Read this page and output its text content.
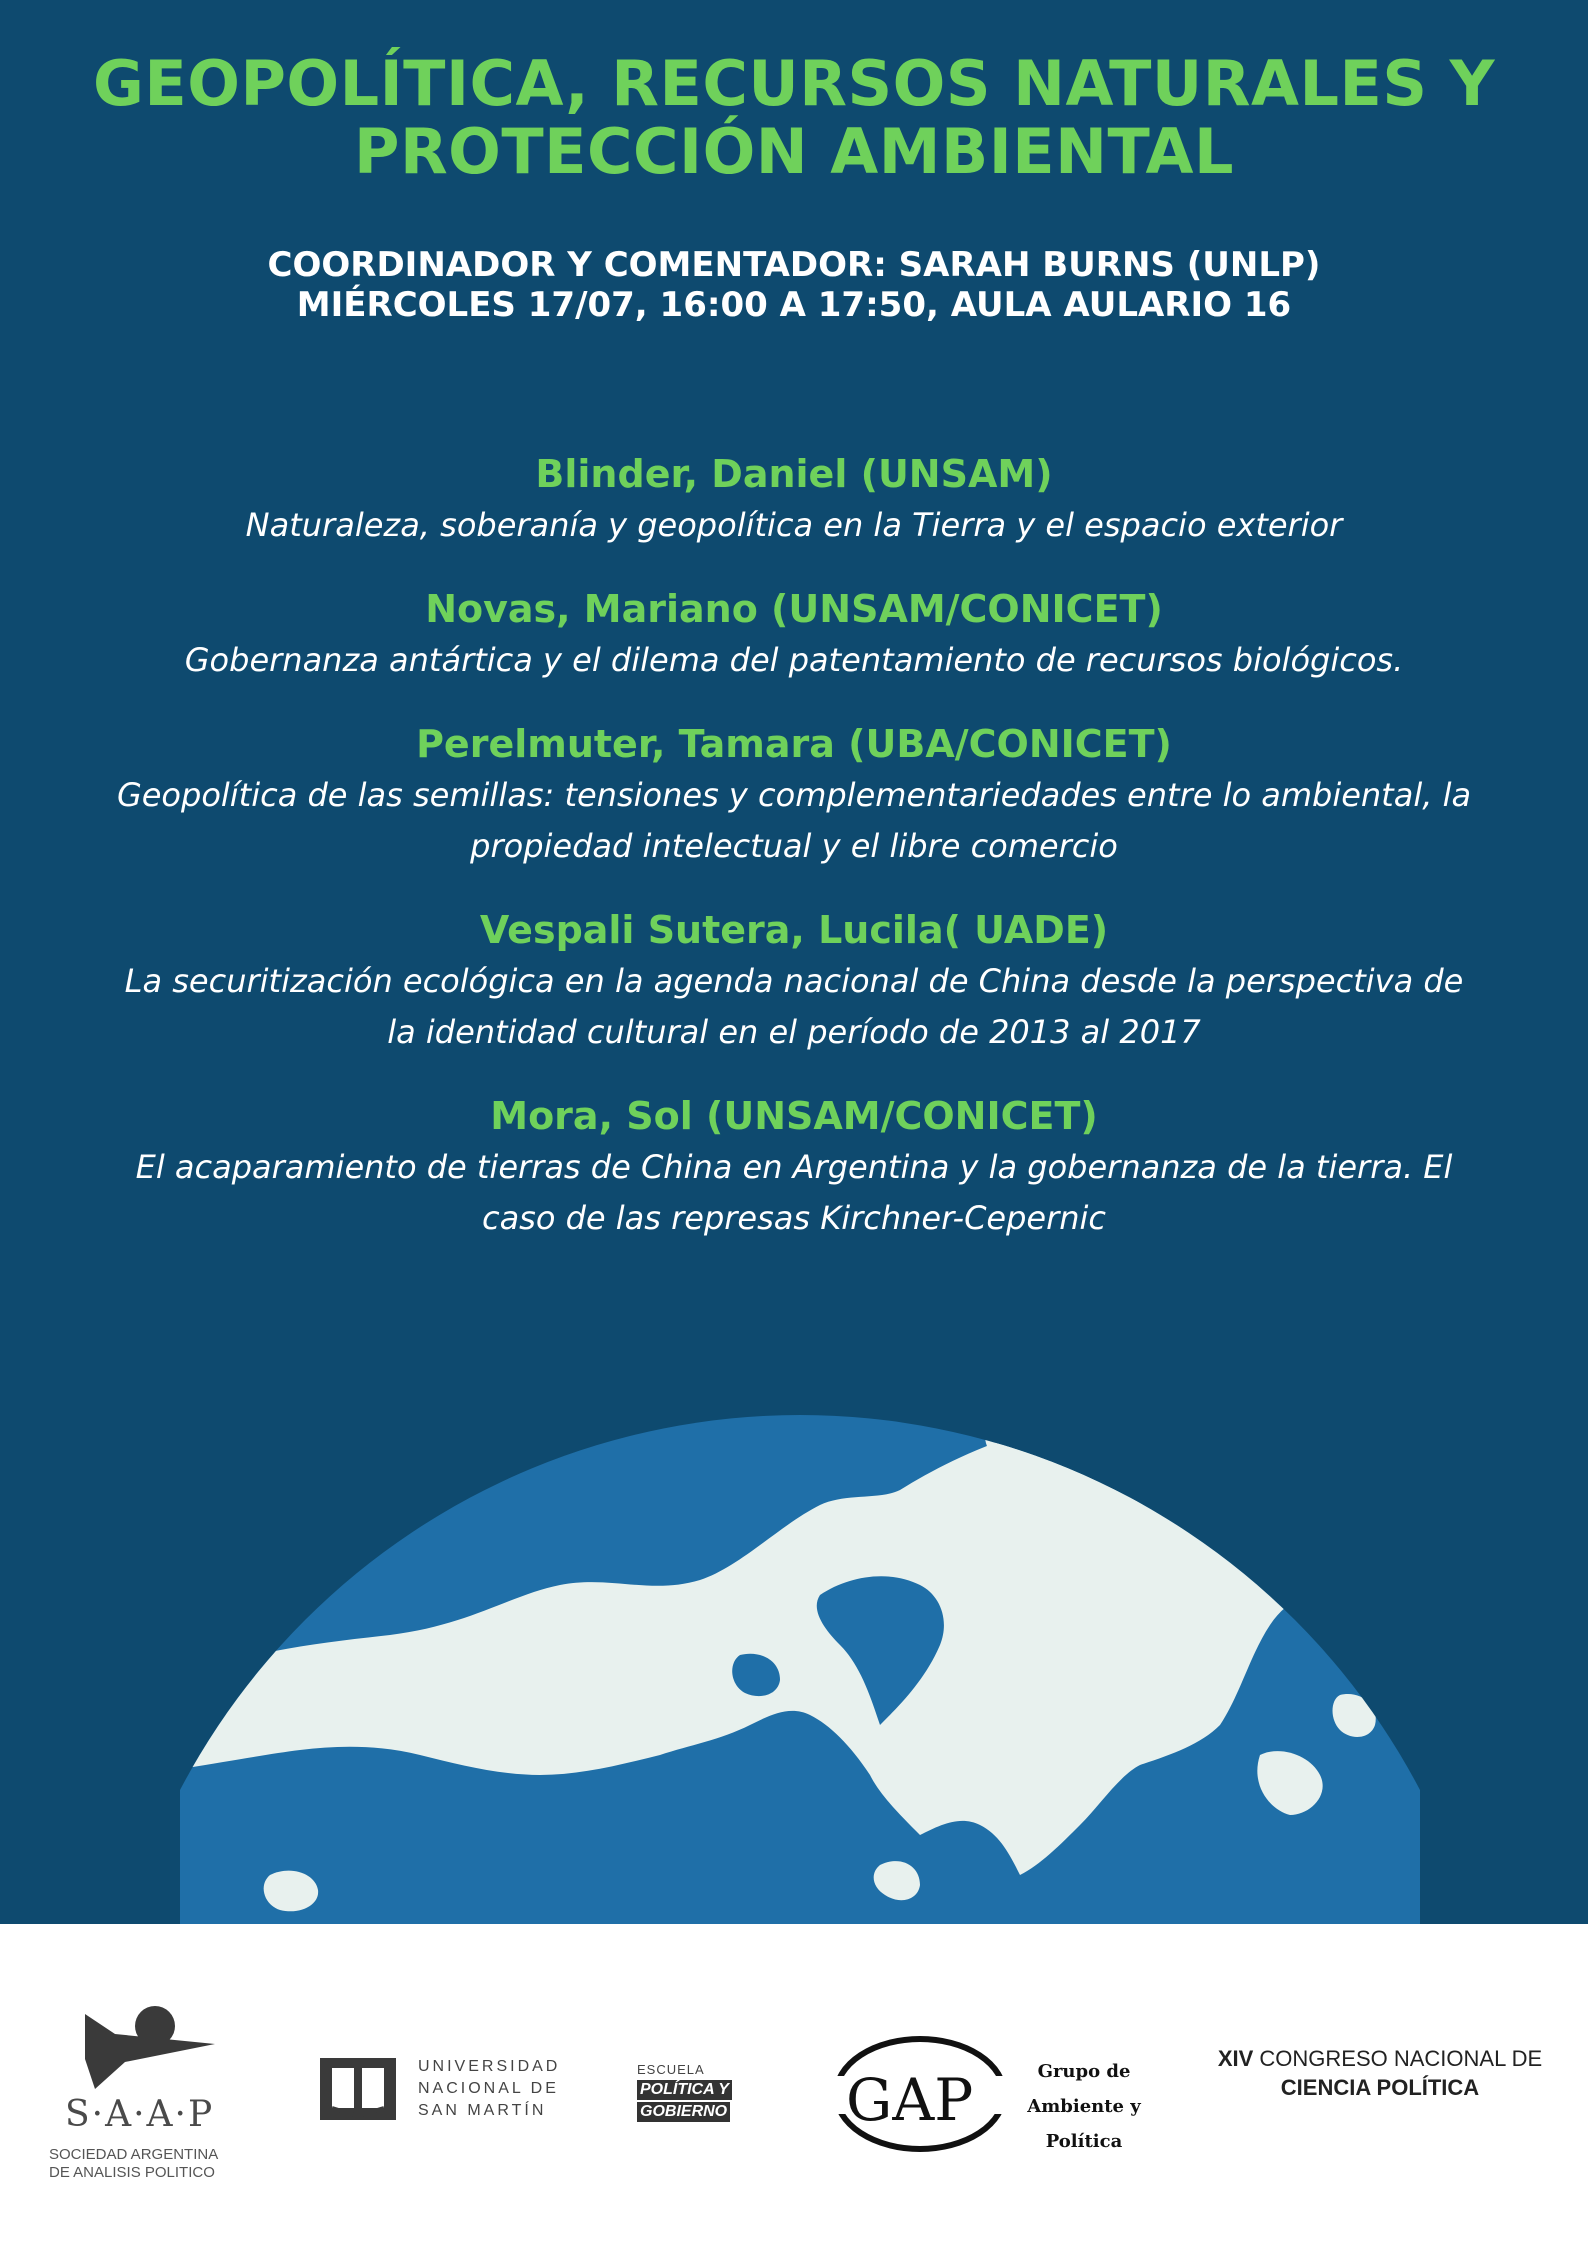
GEOPOLÍTICA, RECURSOS NATURALES Y
PROTECCIÓN AMBIENTAL
COORDINADOR Y COMENTADOR: SARAH BURNS (UNLP)
MIÉRCOLES 17/07, 16:00 A 17:50, AULA AULARIO 16
Blinder, Daniel (UNSAM)
Naturaleza, soberanía y geopolítica en la Tierra y el espacio exterior
Novas, Mariano (UNSAM/CONICET)
Gobernanza antártica y el dilema del patentamiento de recursos biológicos.
Perelmuter, Tamara (UBA/CONICET)
Geopolítica de las semillas: tensiones y complementariedades entre lo ambiental, la
propiedad intelectual y el libre comercio
Vespali Sutera, Lucila( UADE)
La securitización ecológica en la agenda nacional de China desde la perspectiva de
la identidad cultural en el período de 2013 al 2017
Mora, Sol (UNSAM/CONICET)
El acaparamiento de tierras de China en Argentina y la gobernanza de la tierra. El
caso de las represas Kirchner-Cepernic
S·A·A·P
SOCIEDAD ARGENTINA
DE ANALISIS POLITICO
UNIVERSIDAD
NACIONAL DE
SAN MARTÍN
ESCUELA
POLÍTICA Y
GOBIERNO GAP	Grupo de
Ambiente y
Política
XIV CONGRESO NACIONAL DE
CIENCIA POLÍTICA
